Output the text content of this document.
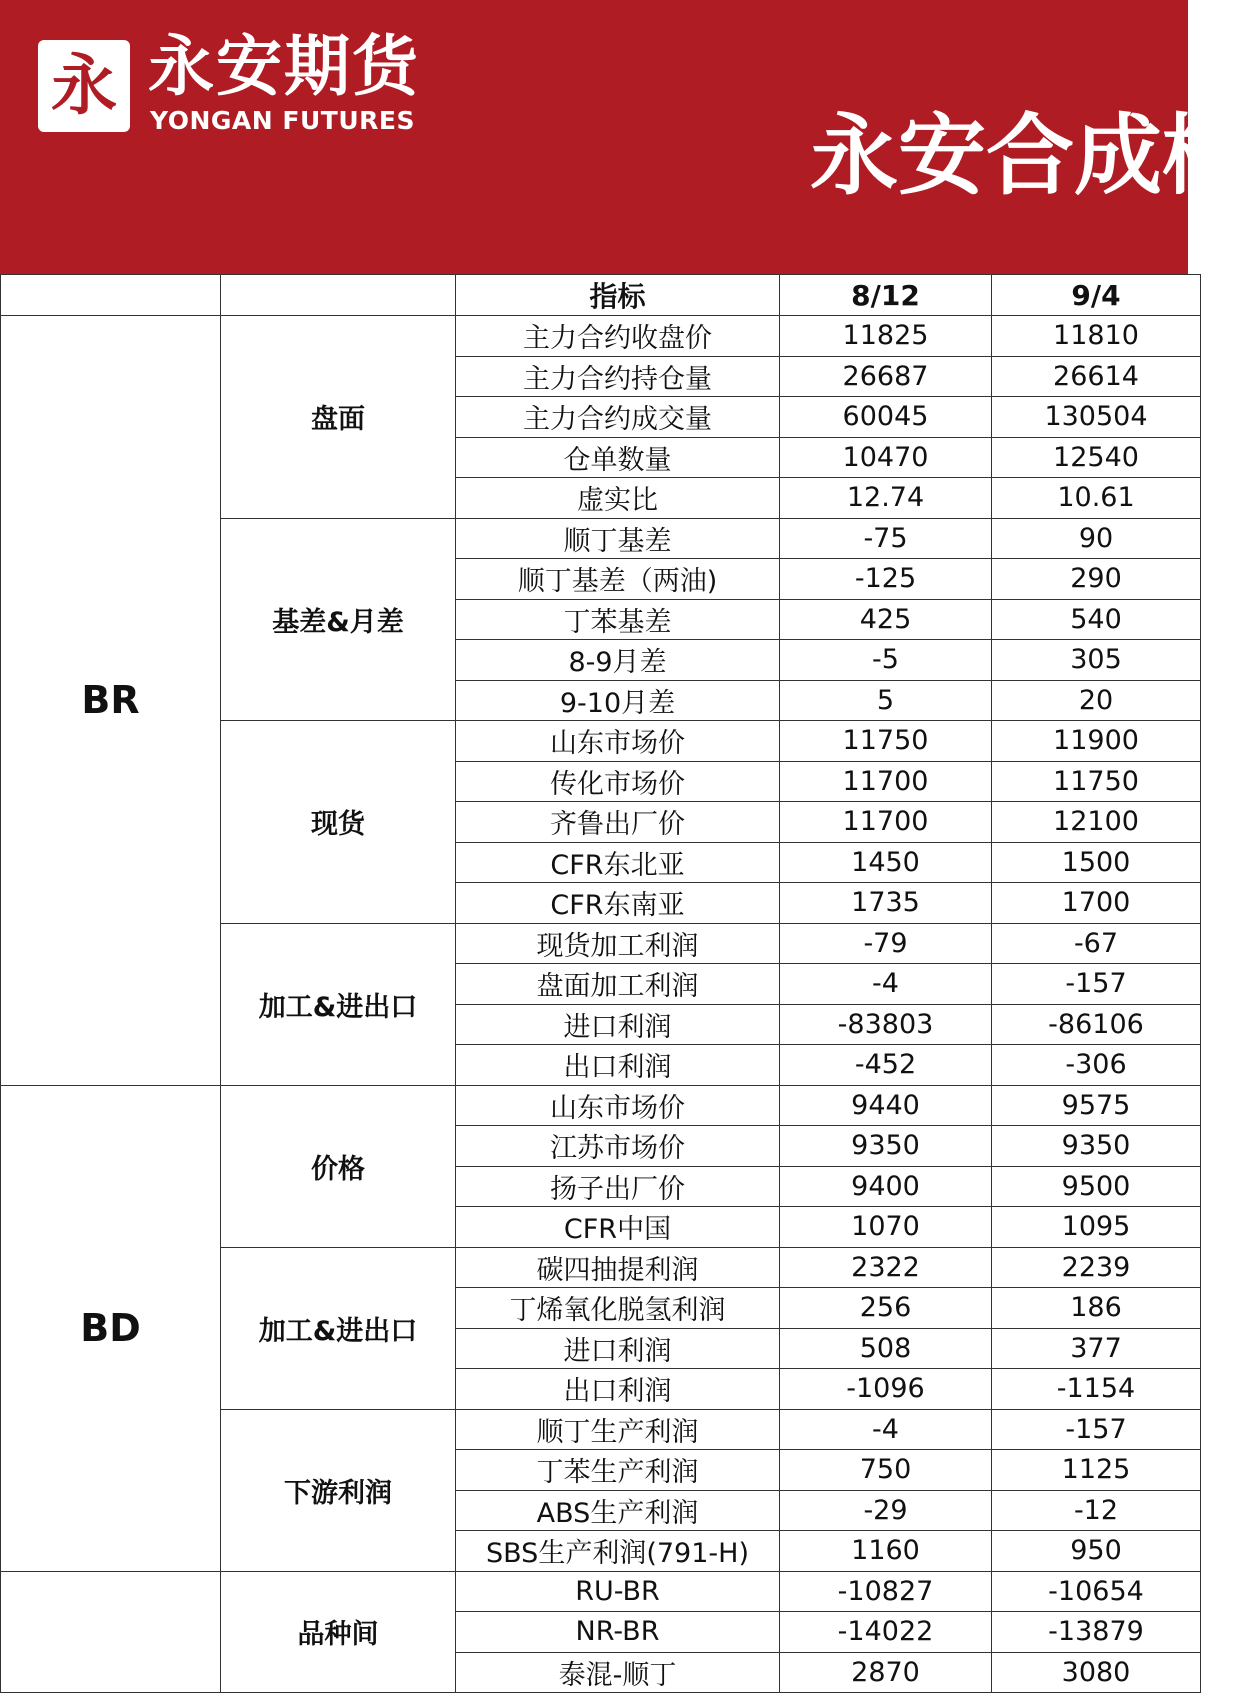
永 永安期货
YONGAN FUTURES	永安合成橡
		指标	8/12	9/4
BR	盘面	主力合约收盘价	11825	11810
		主力合约持仓量	26687	26614
		主力合约成交量	60045	130504
		仓单数量	10470	12540
		虚实比	12.74	10.61
	基差&月差	顺丁基差	-75	90
		顺丁基差（两油)	-125	290
		丁苯基差	425	540
		8-9月差	-5	305
		9-10月差	5	20
	现货	山东市场价	11750	11900
		传化市场价	11700	11750
		齐鲁出厂价	11700	12100
		CFR东北亚	1450	1500
		CFR东南亚	1735	1700
	加工&进出口	现货加工利润	-79	-67
		盘面加工利润	-4	-157
		进口利润	-83803	-86106
		出口利润	-452	-306
BD	价格	山东市场价	9440	9575
		江苏市场价	9350	9350
		扬子出厂价	9400	9500
		CFR中国	1070	1095
	加工&进出口	碳四抽提利润	2322	2239
		丁烯氧化脱氢利润	256	186
		进口利润	508	377
		出口利润	-1096	-1154
	下游利润	顺丁生产利润	-4	-157
		丁苯生产利润	750	1125
		ABS生产利润	-29	-12
		SBS生产利润(791-H)	1160	950
	品种间	RU-BR	-10827	-10654
		NR-BR	-14022	-13879
		泰混-顺丁	2870	3080
